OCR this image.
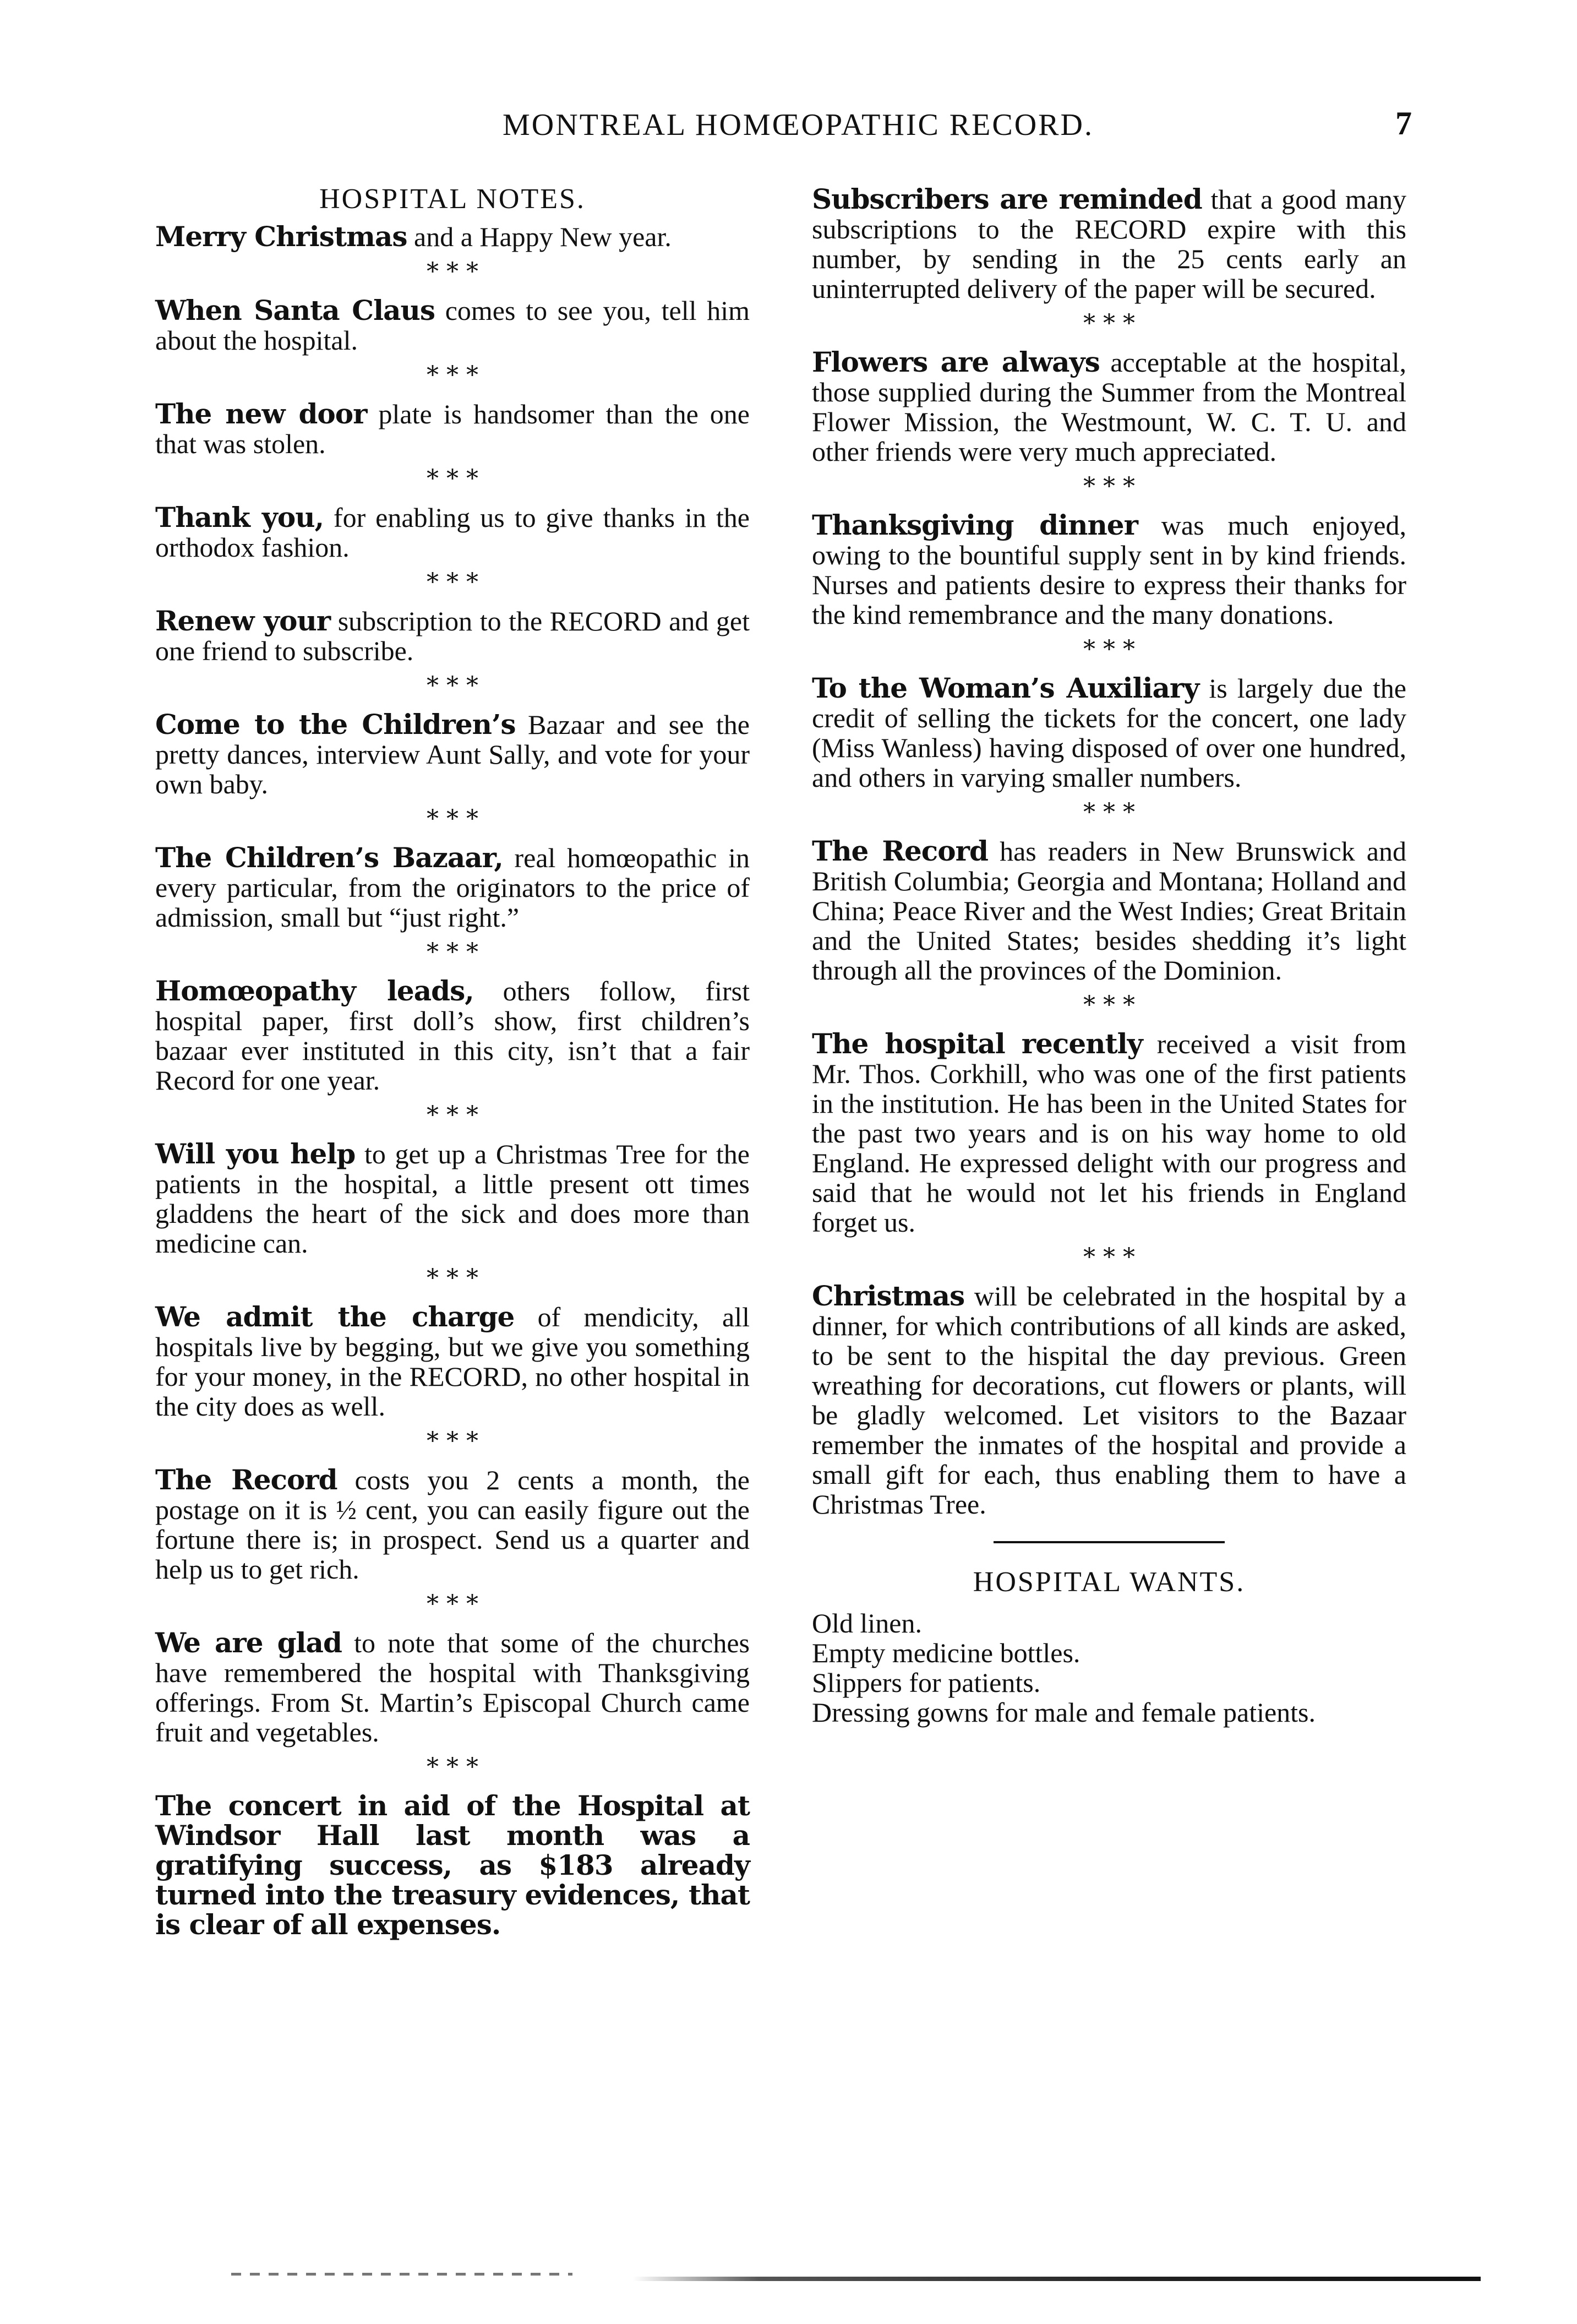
MONTREAL HOMŒOPATHIC RECORD.	7
HOSPITAL NOTES.

Merry Christmas and a Happy New year.

* * *

When Santa Claus comes to see you, tell him about the hospital.

* * *

The new door plate is handsomer than the one that was stolen.

* * *

Thank you, for enabling us to give thanks in the orthodox fashion.

* * *

Renew your subscription to the RECORD and get one friend to subscribe.

* * *

Come to the Children’s Bazaar and see the pretty dances, interview Aunt Sally, and vote for your own baby.

* * *

The Children’s Bazaar, real homœopathic in every particular, from the originators to the price of admission, small but “just right.”

* * *

Homœopathy leads, others follow, first hospital paper, first doll’s show, first children’s bazaar ever instituted in this city, isn’t that a fair Record for one year.

* * *

Will you help to get up a Christmas Tree for the patients in the hospital, a little present ott times gladdens the heart of the sick and does more than medicine can.

* * *

We admit the charge of mendicity, all hospitals live by begging, but we give you something for your money, in the RECORD, no other hospital in the city does as well.

* * *

The Record costs you 2 cents a month, the postage on it is ½ cent, you can easily figure out the fortune there is; in prospect. Send us a quarter and help us to get rich.

* * *

We are glad to note that some of the churches have remembered the hospital with Thanksgiving offerings. From St. Martin’s Episcopal Church came fruit and vegetables.

* * *

The concert in aid of the Hospital at Windsor Hall last month was a gratifying success, as $183 already turned into the treasury evidences, that is clear of all expenses.

Subscribers are reminded that a good many subscriptions to the RECORD expire with this number, by sending in the 25 cents early an uninterrupted delivery of the paper will be secured.

* * *

Flowers are always acceptable at the hospital, those supplied during the Summer from the Montreal Flower Mission, the Westmount, W. C. T. U. and other friends were very much appreciated.

* * *

Thanksgiving dinner was much enjoyed, owing to the bountiful supply sent in by kind friends. Nurses and patients desire to express their thanks for the kind remembrance and the many donations.

* * *

To the Woman’s Auxiliary is largely due the credit of selling the tickets for the concert, one lady (Miss Wanless) having disposed of over one hundred, and others in varying smaller numbers.

* * *

The Record has readers in New Brunswick and British Columbia; Georgia and Montana; Holland and China; Peace River and the West Indies; Great Britain and the United States; besides shedding it’s light through all the provinces of the Dominion.

* * *

The hospital recently received a visit from Mr. Thos. Corkhill, who was one of the first patients in the institution. He has been in the United States for the past two years and is on his way home to old England. He expressed delight with our progress and said that he would not let his friends in England forget us.

* * *

Christmas will be celebrated in the hospital by a dinner, for which contributions of all kinds are asked, to be sent to the hispital the day previous. Green wreathing for decorations, cut flowers or plants, will be gladly welcomed. Let visitors to the Bazaar remember the inmates of the hospital and provide a small gift for each, thus enabling them to have a Christmas Tree.

HOSPITAL WANTS.
Old linen.
Empty medicine bottles.
Slippers for patients.
Dressing gowns for male and female patients.
